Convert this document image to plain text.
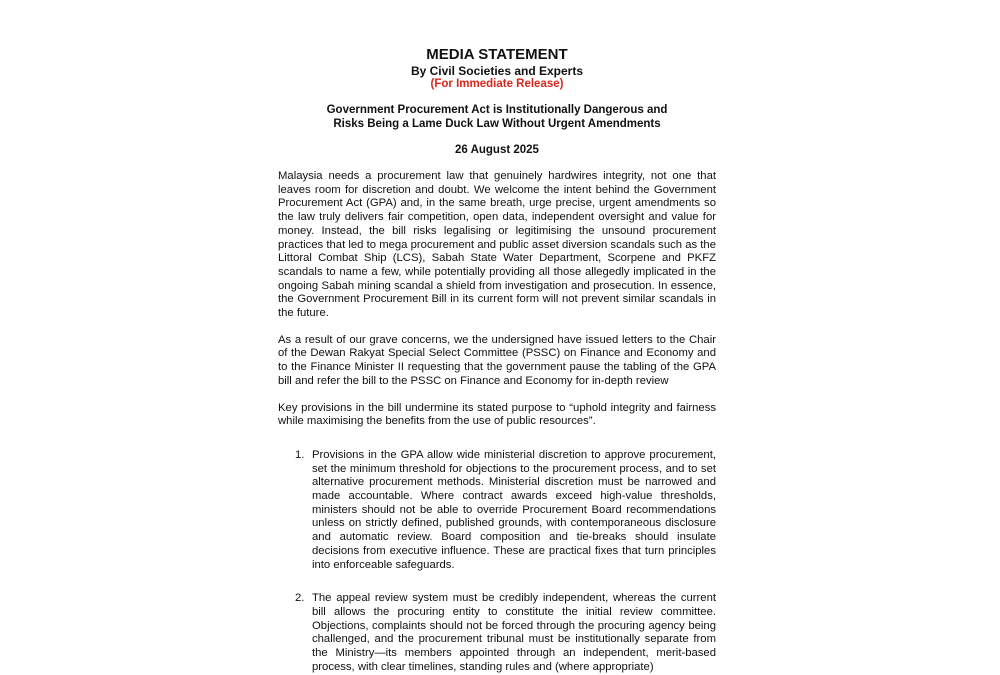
MEDIA STATEMENT
By Civil Societies and Experts
(For Immediate Release)
Government Procurement Act is Institutionally Dangerous and
Risks Being a Lame Duck Law Without Urgent Amendments
26 August 2025

Malaysia needs a procurement law that genuinely hardwires integrity, not one that leaves room for discretion and doubt. We welcome the intent behind the Government Procurement Act (GPA) and, in the same breath, urge precise, urgent amendments so the law truly delivers fair competition, open data, independent oversight and value for money. Instead, the bill risks legalising or legitimising the unsound procurement practices that led to mega procurement and public asset diversion scandals such as the Littoral Combat Ship (LCS), Sabah State Water Department, Scorpene and PKFZ scandals to name a few, while potentially providing all those allegedly implicated in the ongoing Sabah mining scandal a shield from investigation and prosecution. In essence, the Government Procurement Bill in its current form will not prevent similar scandals in the future.

As a result of our grave concerns, we the undersigned have issued letters to the Chair of the Dewan Rakyat Special Select Committee (PSSC) on Finance and Economy and to the Finance Minister II requesting that the government pause the tabling of the GPA bill and refer the bill to the PSSC on Finance and Economy for in-depth review

Key provisions in the bill undermine its stated purpose to “uphold integrity and fairness while maximising the benefits from the use of public resources”.

1. Provisions in the GPA allow wide ministerial discretion to approve procurement, set the minimum threshold for objections to the procurement process, and to set alternative procurement methods. Ministerial discretion must be narrowed and made accountable. Where contract awards exceed high-value thresholds, ministers should not be able to override Procurement Board recommendations unless on strictly defined, published grounds, with contemporaneous disclosure and automatic review. Board composition and tie-breaks should insulate decisions from executive influence. These are practical fixes that turn principles into enforceable safeguards.
2. The appeal review system must be credibly independent, whereas the current bill allows the procuring entity to constitute the initial review committee. Objections, complaints should not be forced through the procuring agency being challenged, and the procurement tribunal must be institutionally separate from the Ministry—its members appointed through an independent, merit-based process, with clear timelines, standing rules and (where appropriate)
